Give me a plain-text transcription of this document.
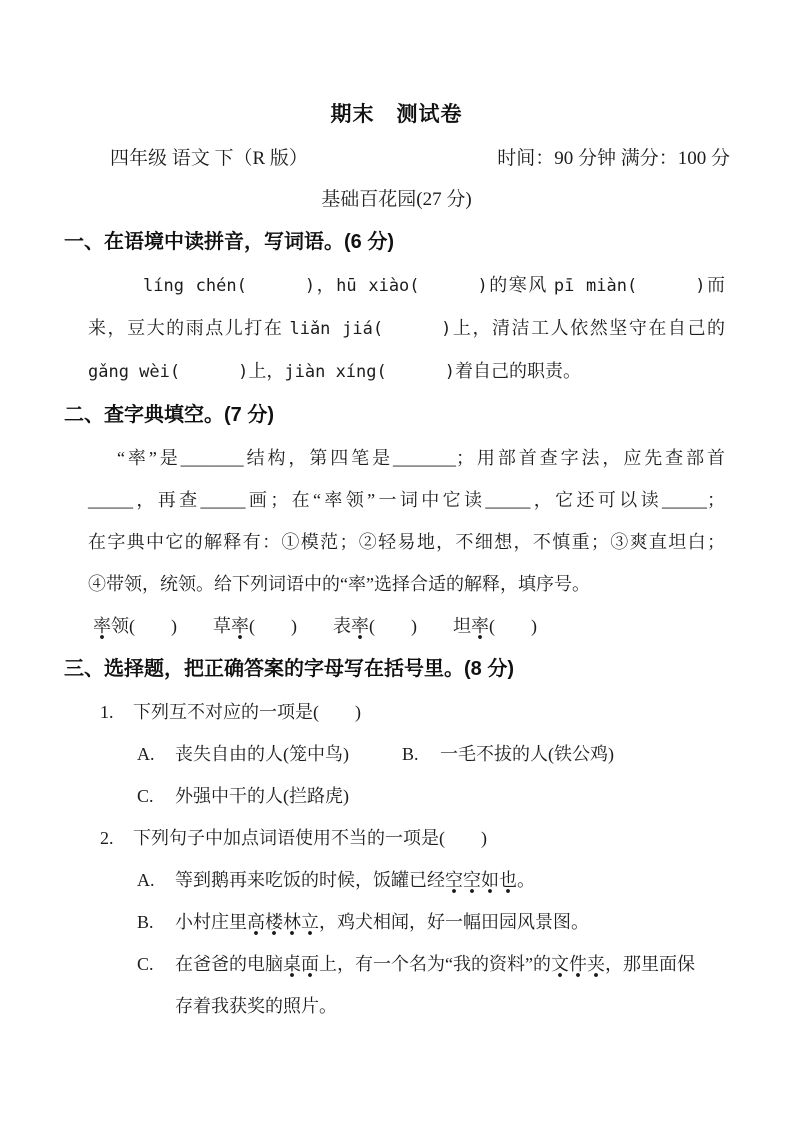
期末　测试卷
四年级 语文 下（R 版）	时间：90 分钟 满分：100 分
基础百花园(27 分)
一、在语境中读拼音，写词语。(6 分)
líng chén(	)，hū xiào(	)的寒风 pī miàn(	)而
来，豆大的雨点儿打在 liǎn jiá(	)上，清洁工人依然坚守在自己的
gǎng wèi(	)上，jiàn xíng(	)着自己的职责。
二、查字典填空。(7 分)
“率”是_______结构，第四笔是_______；用部首查字法，应先查部首
_____，再查_____画；在“率领”一词中它读_____，它还可以读_____；
在字典中它的解释有：①模范；②轻易地，不细想，不慎重；③爽直坦白；
④带领，统领。给下列词语中的“率”选择合适的解释，填序号。
率领(　　)　　草率(　　)　　表率(　　)　　坦率(　　)
三、选择题，把正确答案的字母写在括号里。(8 分)
1. 下列互不对应的一项是(　　)
A.	丧失自由的人(笼中鸟)	B.	一毛不拔的人(铁公鸡)
C.	外强中干的人(拦路虎)
2. 下列句子中加点词语使用不当的一项是(　　)
A.	等到鹅再来吃饭的时候，饭罐已经空空如也。
B.	小村庄里高楼林立，鸡犬相闻，好一幅田园风景图。
C.	在爸爸的电脑桌面上，有一个名为“我的资料”的文件夹，那里面保
存着我获奖的照片。
